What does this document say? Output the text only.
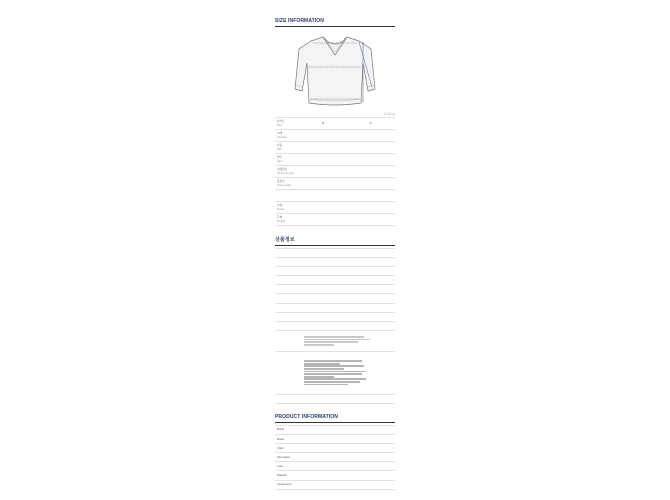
SIZE INFORMATION
(단위:cm)
사이즈
Size	S	L

어깨
Shoulder		

가슴
Bust		

밑단
Hem		

소매길이
Sleeve Length		

총길이
Total Length		

모델
Model		

무게
Weight		

상품정보

PRODUCT INFORMATION
Brand	
Model	
Origin	
Information	
Color	
Material	
Components	
